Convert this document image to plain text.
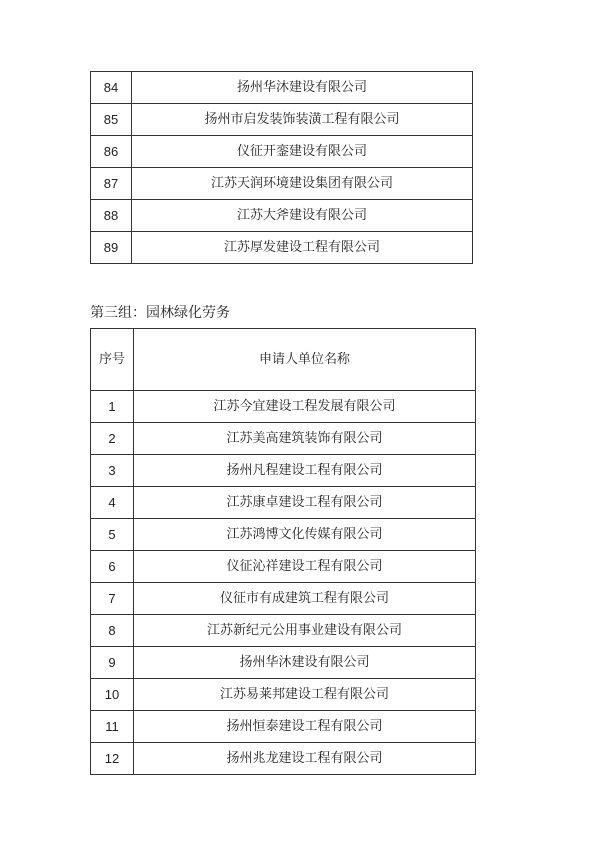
84	扬州华沐建设有限公司
85	扬州市启发装饰装潢工程有限公司
86	仪征开銮建设有限公司
87	江苏天润环境建设集团有限公司
88	江苏大斧建设有限公司
89	江苏厚发建设工程有限公司

第三组：园林绿化劳务

序号	申请人单位名称
1	江苏今宜建设工程发展有限公司
2	江苏美高建筑装饰有限公司
3	扬州凡程建设工程有限公司
4	江苏康卓建设工程有限公司
5	江苏鸿博文化传媒有限公司
6	仪征沁祥建设工程有限公司
7	仪征市有成建筑工程有限公司
8	江苏新纪元公用事业建设有限公司
9	扬州华沐建设有限公司
10	江苏易莱邦建设工程有限公司
11	扬州恒泰建设工程有限公司
12	扬州兆龙建设工程有限公司
